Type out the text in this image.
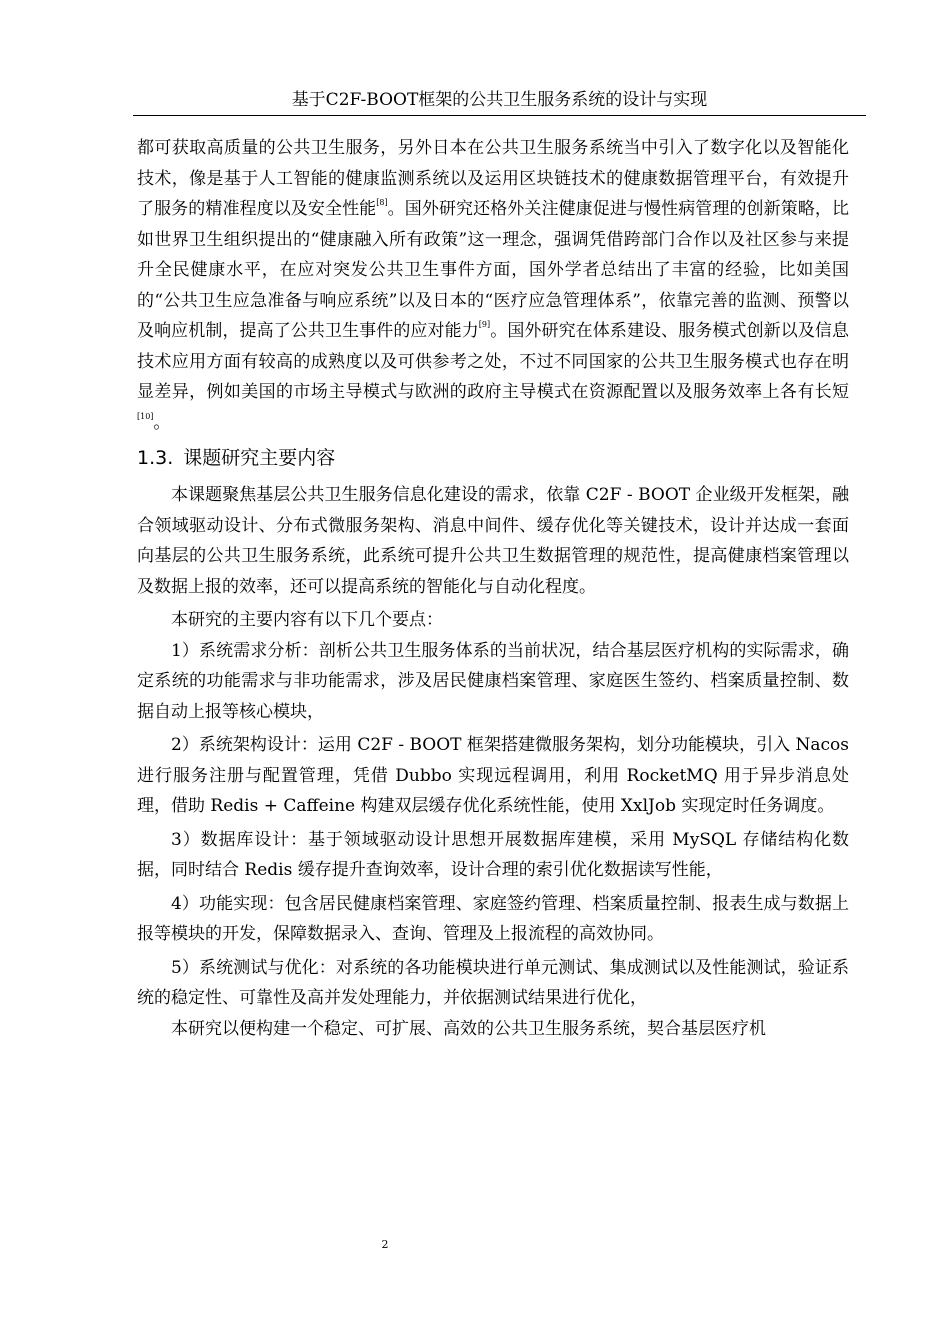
基于C2F-BOOT框架的公共卫生服务系统的设计与实现

都可获取高质量的公共卫生服务，另外日本在公共卫生服务系统当中引入了数字化以及智能化技术，像是基于人工智能的健康监测系统以及运用区块链技术的健康数据管理平台，有效提升了服务的精准程度以及安全性能[8]。国外研究还格外关注健康促进与慢性病管理的创新策略，比如世界卫生组织提出的“健康融入所有政策”这一理念，强调凭借跨部门合作以及社区参与来提升全民健康水平，在应对突发公共卫生事件方面，国外学者总结出了丰富的经验，比如美国的“公共卫生应急准备与响应系统”以及日本的“医疗应急管理体系”，依靠完善的监测、预警以及响应机制，提高了公共卫生事件的应对能力[9]。国外研究在体系建设、服务模式创新以及信息技术应用方面有较高的成熟度以及可供参考之处，不过不同国家的公共卫生服务模式也存在明显差异，例如美国的市场主导模式与欧洲的政府主导模式在资源配置以及服务效率上各有长短[10]。

1.3. 课题研究主要内容

本课题聚焦基层公共卫生服务信息化建设的需求，依靠 C2F - BOOT 企业级开发框架，融合领域驱动设计、分布式微服务架构、消息中间件、缓存优化等关键技术，设计并达成一套面向基层的公共卫生服务系统，此系统可提升公共卫生数据管理的规范性，提高健康档案管理以及数据上报的效率，还可以提高系统的智能化与自动化程度。

本研究的主要内容有以下几个要点：

1）系统需求分析：剖析公共卫生服务体系的当前状况，结合基层医疗机构的实际需求，确定系统的功能需求与非功能需求，涉及居民健康档案管理、家庭医生签约、档案质量控制、数据自动上报等核心模块，

2）系统架构设计：运用 C2F - BOOT 框架搭建微服务架构，划分功能模块，引入 Nacos 进行服务注册与配置管理，凭借 Dubbo 实现远程调用，利用 RocketMQ 用于异步消息处理，借助 Redis + Caffeine 构建双层缓存优化系统性能，使用 XxlJob 实现定时任务调度。

3）数据库设计：基于领域驱动设计思想开展数据库建模，采用 MySQL 存储结构化数据，同时结合 Redis 缓存提升查询效率，设计合理的索引优化数据读写性能，

4）功能实现：包含居民健康档案管理、家庭签约管理、档案质量控制、报表生成与数据上报等模块的开发，保障数据录入、查询、管理及上报流程的高效协同。

5）系统测试与优化：对系统的各功能模块进行单元测试、集成测试以及性能测试，验证系统的稳定性、可靠性及高并发处理能力，并依据测试结果进行优化，

本研究以便构建一个稳定、可扩展、高效的公共卫生服务系统，契合基层医疗机

2
